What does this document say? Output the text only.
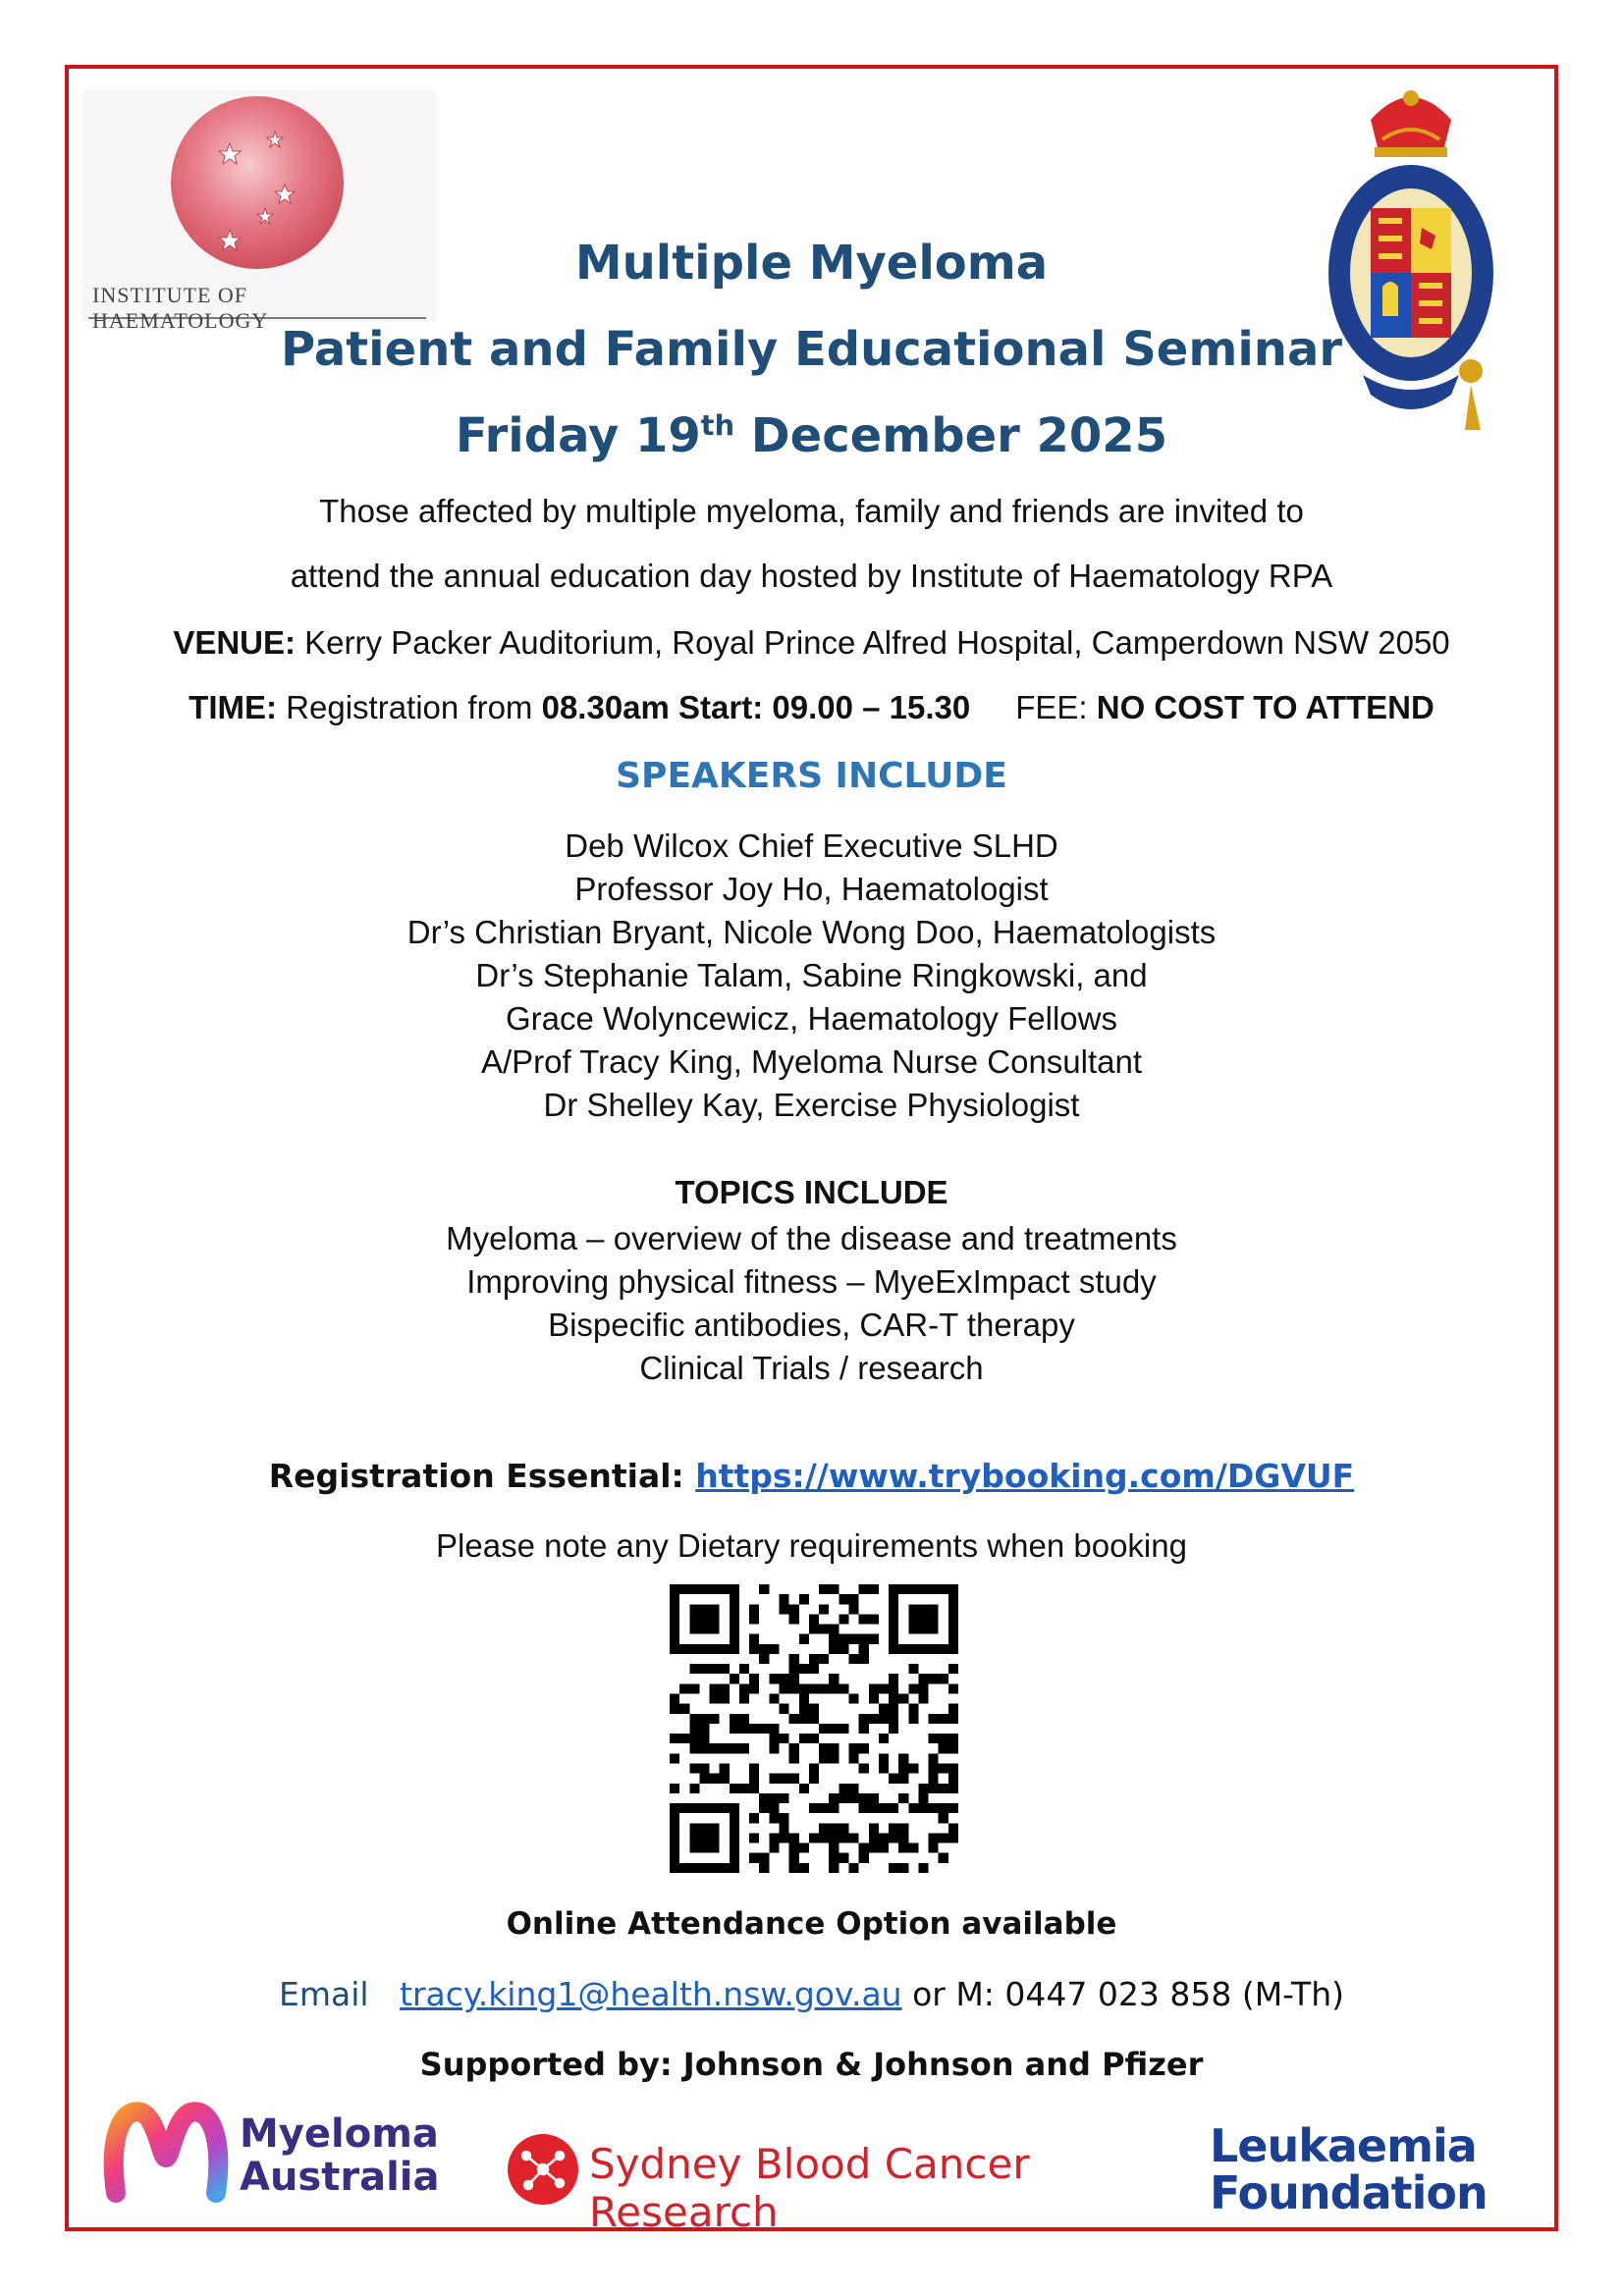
INSTITUTE OF HAEMATOLOGY
Multiple Myeloma
Patient and Family Educational Seminar
Friday 19th December 2025
Those affected by multiple myeloma, family and friends are invited to
attend the annual education day hosted by Institute of Haematology RPA
VENUE: Kerry Packer Auditorium, Royal Prince Alfred Hospital, Camperdown NSW 2050
TIME: Registration from 08.30am Start: 09.00 – 15.30 FEE: NO COST TO ATTEND
SPEAKERS INCLUDE
Deb Wilcox Chief Executive SLHD
Professor Joy Ho, Haematologist
Dr’s Christian Bryant, Nicole Wong Doo, Haematologists
Dr’s Stephanie Talam, Sabine Ringkowski, and
Grace Wolyncewicz, Haematology Fellows
A/Prof Tracy King, Myeloma Nurse Consultant
Dr Shelley Kay, Exercise Physiologist
TOPICS INCLUDE
Myeloma – overview of the disease and treatments
Improving physical fitness – MyeExImpact study
Bispecific antibodies, CAR-T therapy
Clinical Trials / research
Registration Essential: https://www.trybooking.com/DGVUF
Please note any Dietary requirements when booking
Online Attendance Option available
Email   tracy.king1@health.nsw.gov.au or M: 0447 023 858 (M-Th)
Supported by: Johnson & Johnson and Pfizer
Myeloma
Australia	Sydney Blood Cancer Research
Leukaemia
Foundation
